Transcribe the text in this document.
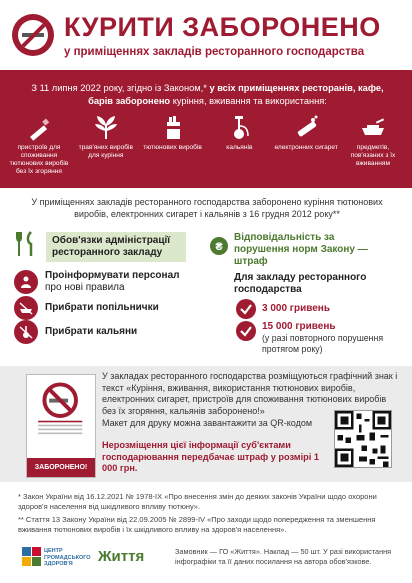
КУРИТИ ЗАБОРОНЕНО
у приміщеннях закладів ресторанного господарства
З 11 липня 2022 року, згідно із Законом,* у всіх приміщеннях ресторанів, кафе, барів заборонено куріння, вживання та використання:
пристроїв для споживання тютюнових виробів без їх згоряння
трав'яних виробів для куріння
тютюнових виробів	кальянів	електронних сигарет	предметів, пов'язаних з їх вживанням
У приміщеннях закладів ресторанного господарства заборонено куріння тютюнових виробів, електронних сигарет і кальянів з 16 грудня 2012 року**
Обов'язки адміністрації ресторанного закладу
Проінформувати персонал про нові правила
Прибрати попільнички
Прибрати кальяни
₴
Відповідальність за порушення норм Закону — штраф
Для закладу ресторанного господарства
3 000 гривень
15 000 гривень
(у разі повторного порушення протягом року)
ЗАБОРОНЕНО!
У закладах ресторанного господарства розміщуються графічний знак і текст «Куріння, вживання, використання тютюнових виробів, електронних сигарет, пристроїв для споживання тютюнових виробів без їх згоряння, кальянів заборонено!»
Макет для друку можна завантажити за QR-кодом
Нерозміщення цієї інформації суб'єктами господарювання передбачає штраф у розмірі 1 000 грн.
* Закон України від 16.12.2021 № 1978-IX «Про внесення змін до деяких законів України щодо охорони здоров'я населення від шкідливого впливу тютюну».
** Стаття 13 Закону України від 22.09.2005 № 2899-IV «Про заходи щодо попередження та зменшення вживання тютюнових виробів і їх шкідливого впливу на здоров'я населення».
ЦЕНТР ГРОМАДСЬКОГО ЗДОРОВ'Я	Життя	Замовник — ГО «Життя». Наклад — 50 шт. У разі використання інфографіки та її даних посилання на автора обов'язкове.
